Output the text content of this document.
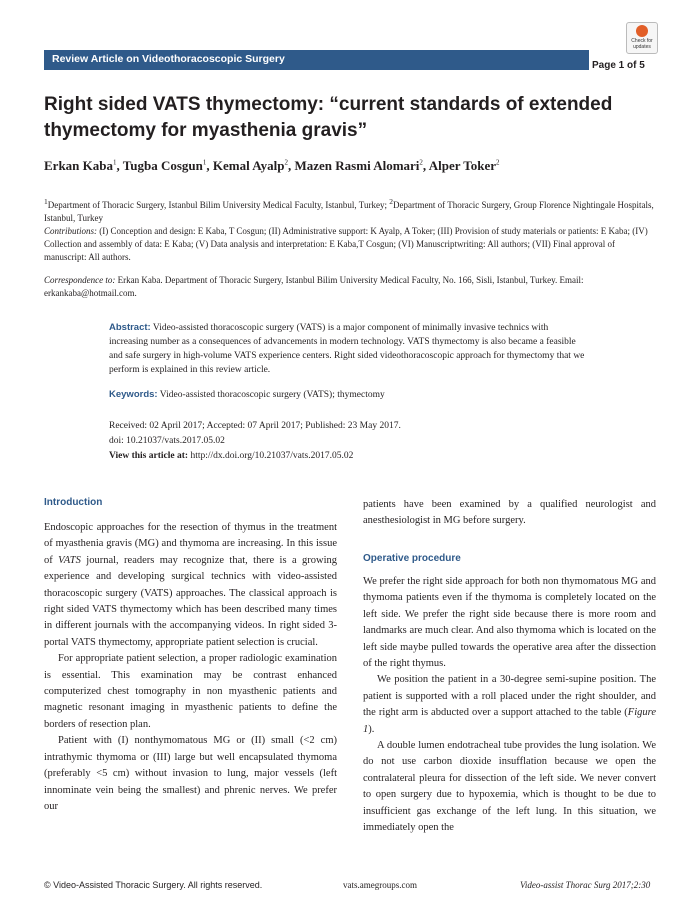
Review Article on Videothoracoscopic Surgery
Check for updates
Page 1 of 5
Right sided VATS thymectomy: “current standards of extended thymectomy for myasthenia gravis”
Erkan Kaba$^1$, Tugba Cosgun$^1$, Kemal Ayalp$^2$, Mazen Rasmi Alomari$^2$, Alper Toker$^2$
$^1$Department of Thoracic Surgery, Istanbul Bilim University Medical Faculty, Istanbul, Turkey; $^2$Department of Thoracic Surgery, Group Florence Nightingale Hospitals, Istanbul, Turkey
Contributions: (I) Conception and design: E Kaba, T Cosgun; (II) Administrative support: K Ayalp, A Toker; (III) Provision of study materials or patients: E Kaba; (IV) Collection and assembly of data: E Kaba; (V) Data analysis and interpretation: E Kaba,T Cosgun; (VI) Manuscriptwriting: All authors; (VII) Final approval of manuscript: All authors.
Correspondence to: Erkan Kaba. Department of Thoracic Surgery, Istanbul Bilim University Medical Faculty, No. 166, Sisli, Istanbul, Turkey. Email: erkankaba@hotmail.com.
Abstract: Video-assisted thoracoscopic surgery (VATS) is a major component of minimally invasive technics with increasing number as a consequences of advancements in modern technology. VATS thymectomy is also became a feasible and safe surgery in high-volume VATS experience centers. Right sided videothoracoscopic approach for thymectomy that we perform is explained in this review article.
Keywords: Video-assisted thoracoscopic surgery (VATS); thymectomy
Received: 02 April 2017; Accepted: 07 April 2017; Published: 23 May 2017.
doi: 10.21037/vats.2017.05.02
View this article at: http://dx.doi.org/10.21037/vats.2017.05.02
Introduction

Endoscopic approaches for the resection of thymus in the treatment of myasthenia gravis (MG) and thymoma are increasing. In this issue of VATS journal, readers may recognize that, there is a growing experience and developing surgical technics with video-assisted thoracoscopic surgery (VATS) approaches. The classical approach is right sided VATS thymectomy which has been described many times in different journals with the accompanying videos. In right sided 3-portal VATS thymectomy, appropriate patient selection is crucial.

For appropriate patient selection, a proper radiologic examination is essential. This examination may be contrast enhanced computerized chest tomography in non myasthenic patients and magnetic resonant imaging in myasthenic patients to define the borders of resection plan.

Patient with (I) nonthymomatous MG or (II) small (<2 cm) intrathymic thymoma or (III) large but well encapsulated thymoma (preferably <5 cm) without invasion to lung, major vessels (left innominate vein being the smallest) and phrenic nerves. We prefer our

patients have been examined by a qualified neurologist and anesthesiologist in MG before surgery.
Operative procedure

We prefer the right side approach for both non thymomatous MG and thymoma patients even if the thymoma is completely located on the left side. We prefer the right side because there is more room and landmarks are much clear. And also thymoma which is located on the left side maybe pulled towards the operative area after the dissection of the right thymus.

We position the patient in a 30-degree semi-supine position. The patient is supported with a roll placed under the right shoulder, and the right arm is abducted over a support attached to the table (Figure 1).

A double lumen endotracheal tube provides the lung isolation. We do not use carbon dioxide insufflation because we open the contralateral pleura for dissection of the left side. We never convert to open surgery due to hypoxemia, which is thought to be due to insufficient gas exchange of the left lung. In this situation, we immediately open the

© Video-Assisted Thoracic Surgery. All rights reserved.	vats.amegroups.com	Video-assist Thorac Surg 2017;2:30
